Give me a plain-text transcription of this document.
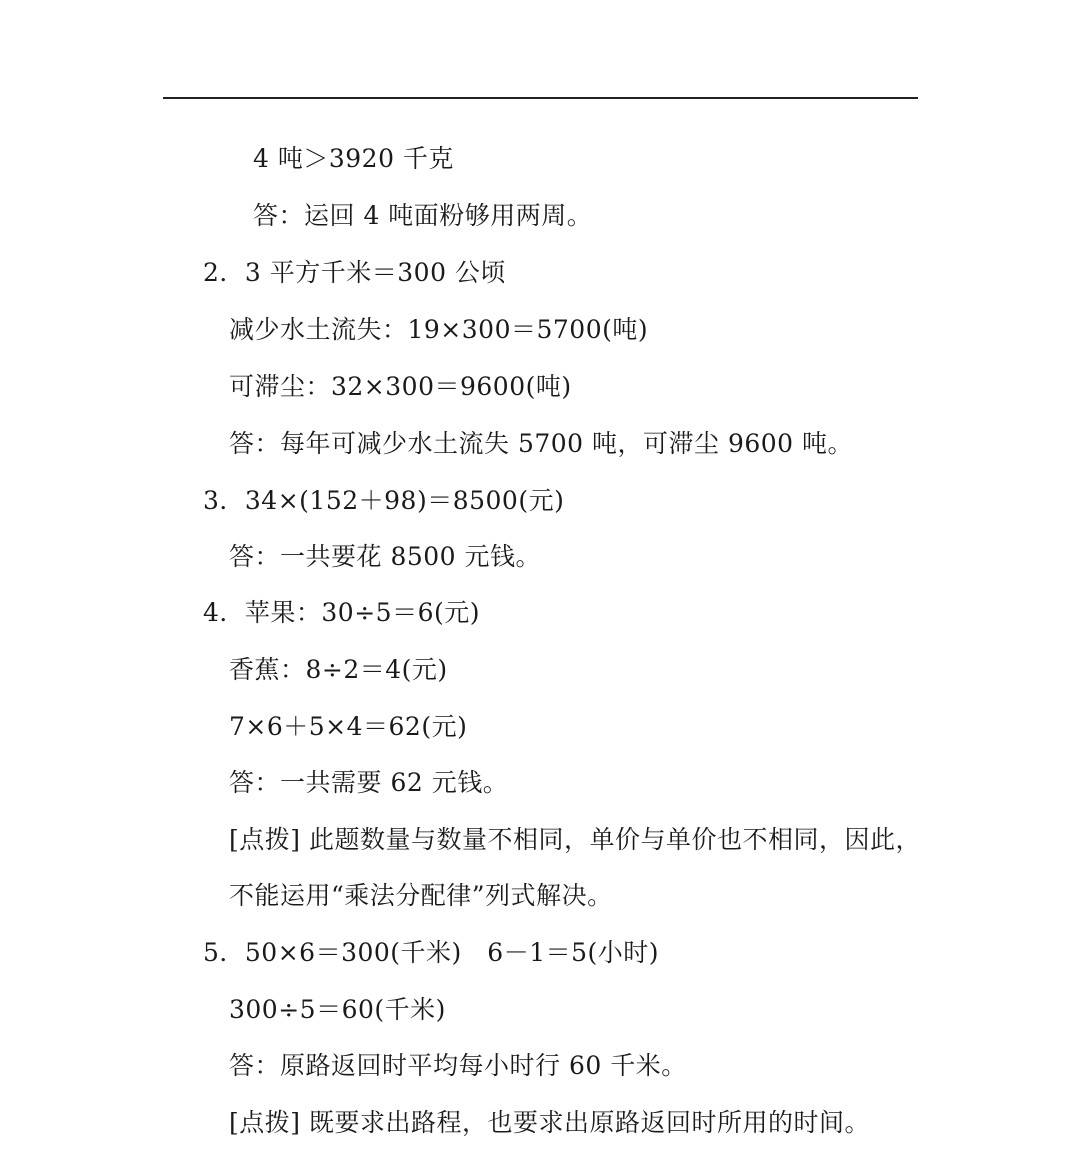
4 吨＞3920 千克
答：运回 4 吨面粉够用两周。
2．3 平方千米＝300 公顷
减少水土流失：19×300＝5700(吨)
可滞尘：32×300＝9600(吨)
答：每年可减少水土流失 5700 吨，可滞尘 9600 吨。
3．34×(152＋98)＝8500(元)
答：一共要花 8500 元钱。
4．苹果：30÷5＝6(元)
香蕉：8÷2＝4(元)
7×6＋5×4＝62(元)
答：一共需要 62 元钱。
[点拨] 此题数量与数量不相同，单价与单价也不相同，因此，
不能运用“乘法分配律”列式解决。
5．50×6＝300(千米)　6－1＝5(小时)
300÷5＝60(千米)
答：原路返回时平均每小时行 60 千米。
[点拨] 既要求出路程，也要求出原路返回时所用的时间。
